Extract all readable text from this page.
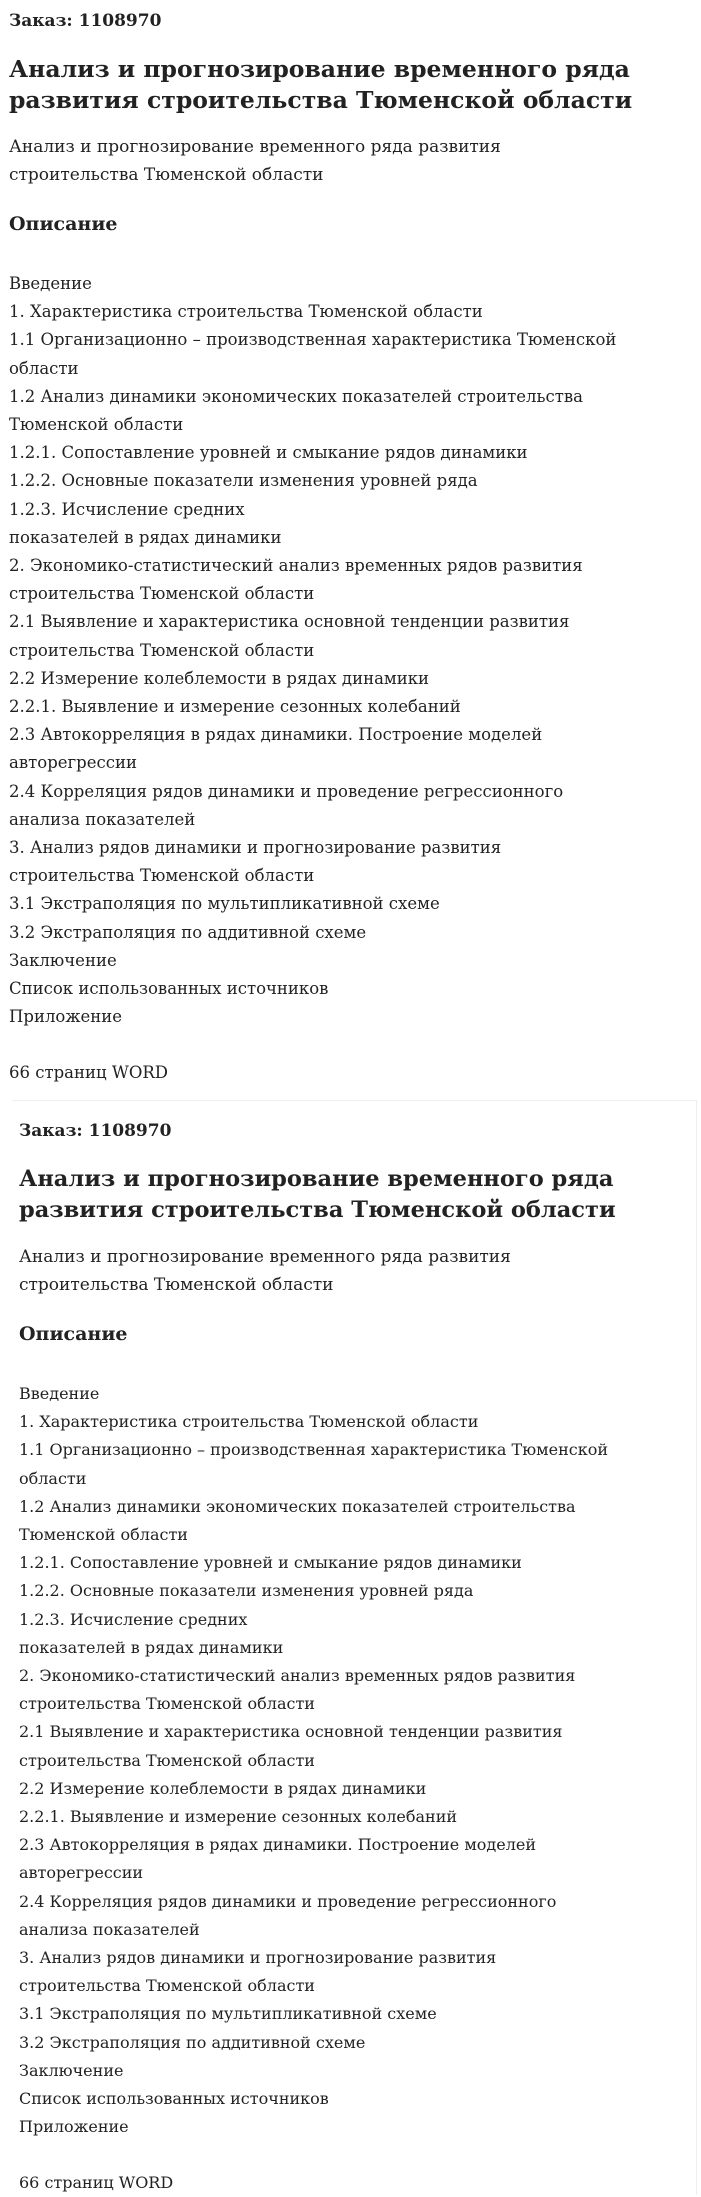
Заказ: 1108970
Анализ и прогнозирование временного ряда развития строительства Тюменской области
Анализ и прогнозирование временного ряда развития
строительства Тюменской области
Описание
Введение
1. Характеристика строительства Тюменской области
1.1 Организационно – производственная характеристика Тюменской
области
1.2 Анализ динамики экономических показателей строительства
Тюменской области
1.2.1. Сопоставление уровней и смыкание рядов динамики
1.2.2. Основные показатели изменения уровней ряда
1.2.3. Исчисление средних
показателей в рядах динамики
2. Экономико-статистический анализ временных рядов развития
строительства Тюменской области
2.1 Выявление и характеристика основной тенденции развития
строительства Тюменской области
2.2 Измерение колеблемости в рядах динамики
2.2.1. Выявление и измерение сезонных колебаний
2.3 Автокорреляция в рядах динамики. Построение моделей
авторегрессии
2.4 Корреляция рядов динамики и проведение регрессионного
анализа показателей
3. Анализ рядов динамики и прогнозирование развития
строительства Тюменской области
3.1 Экстраполяция по мультипликативной схеме
3.2 Экстраполяция по аддитивной схеме
Заключение
Список использованных источников
Приложение
66 страниц WORD
Заказ: 1108970
Анализ и прогнозирование временного ряда развития строительства Тюменской области
Анализ и прогнозирование временного ряда развития
строительства Тюменской области
Описание
Введение
1. Характеристика строительства Тюменской области
1.1 Организационно – производственная характеристика Тюменской
области
1.2 Анализ динамики экономических показателей строительства
Тюменской области
1.2.1. Сопоставление уровней и смыкание рядов динамики
1.2.2. Основные показатели изменения уровней ряда
1.2.3. Исчисление средних
показателей в рядах динамики
2. Экономико-статистический анализ временных рядов развития
строительства Тюменской области
2.1 Выявление и характеристика основной тенденции развития
строительства Тюменской области
2.2 Измерение колеблемости в рядах динамики
2.2.1. Выявление и измерение сезонных колебаний
2.3 Автокорреляция в рядах динамики. Построение моделей
авторегрессии
2.4 Корреляция рядов динамики и проведение регрессионного
анализа показателей
3. Анализ рядов динамики и прогнозирование развития
строительства Тюменской области
3.1 Экстраполяция по мультипликативной схеме
3.2 Экстраполяция по аддитивной схеме
Заключение
Список использованных источников
Приложение
66 страниц WORD
